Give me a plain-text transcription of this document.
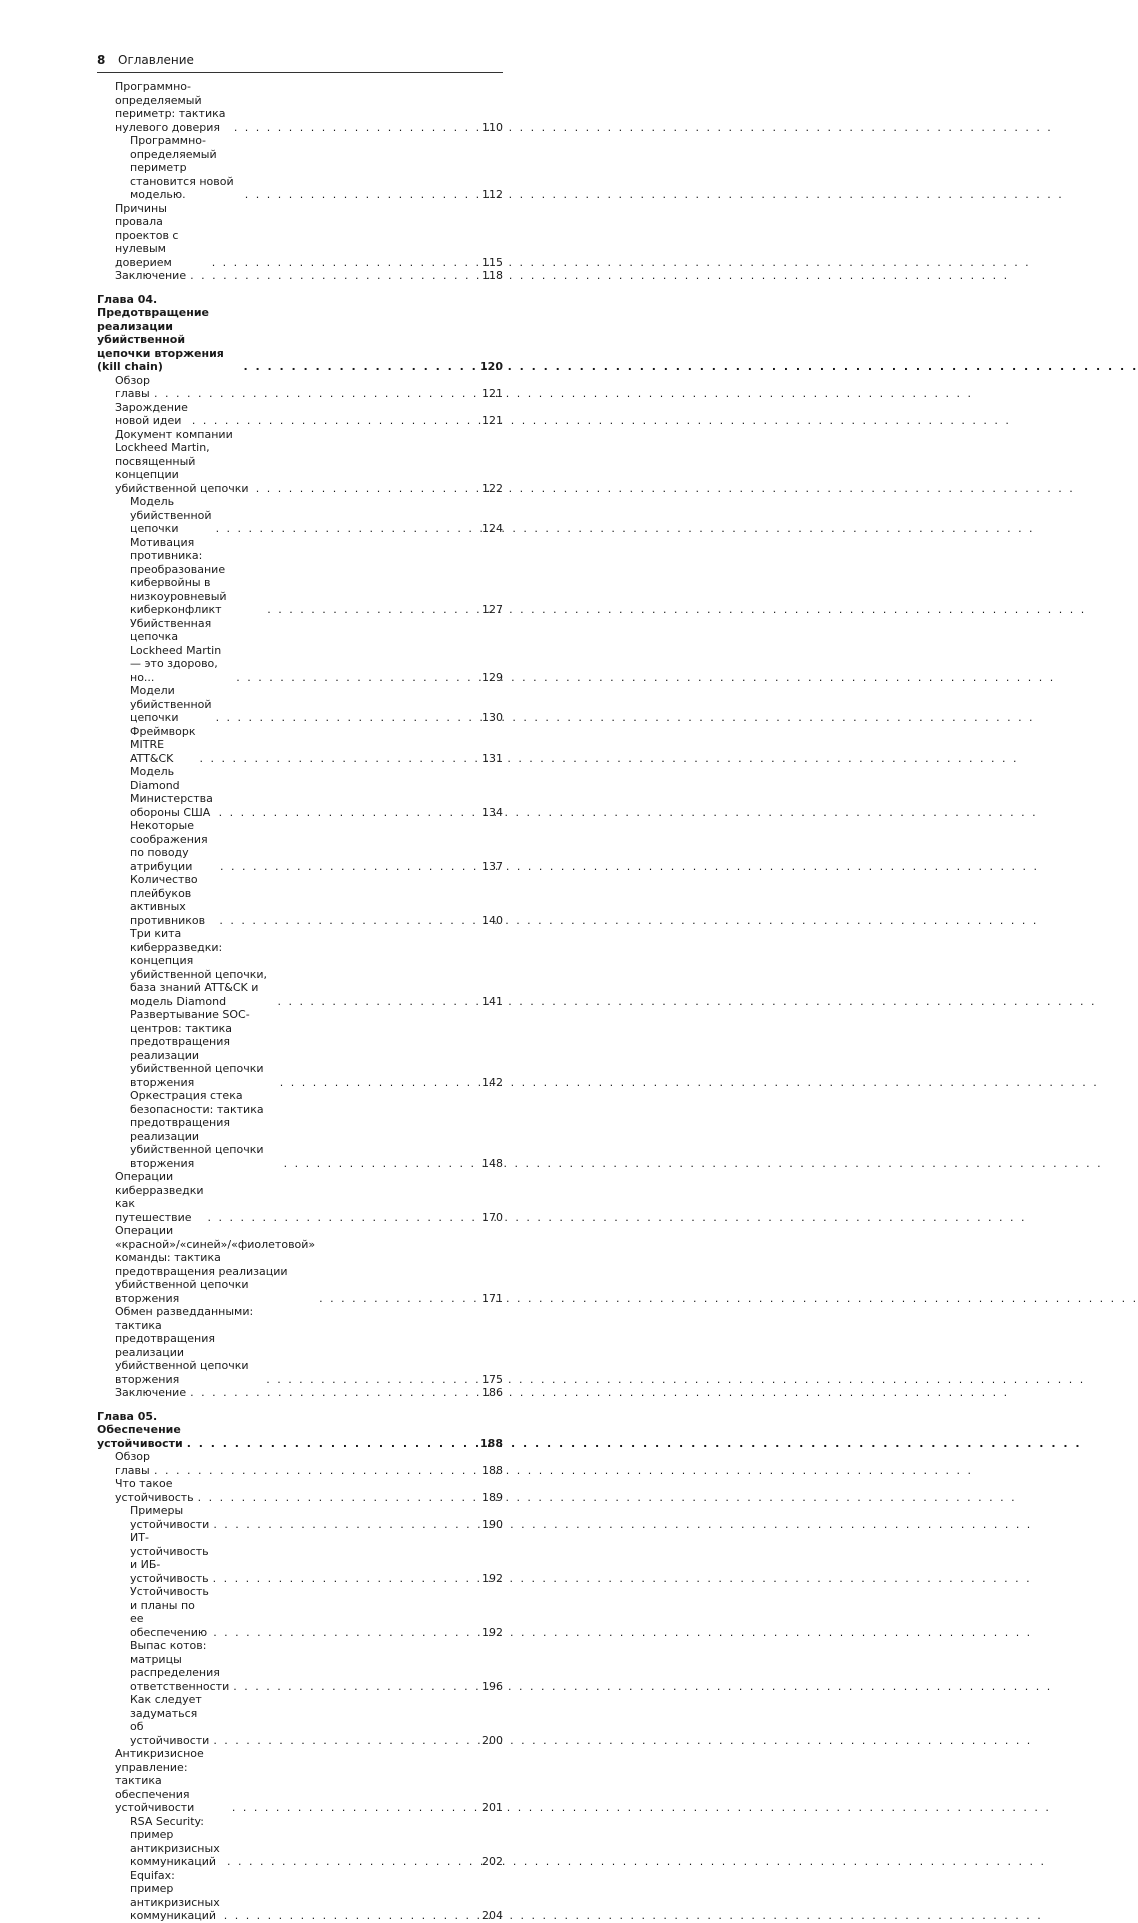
8 Оглавление
Программно-определяемый периметр: тактика нулевого доверия . . .	110
Программно-определяемый периметр становится новой моделью. . . .	112
Причины провала проектов с нулевым доверием . . .	115
Заключение . . .	118
Глава 04. Предотвращение реализации убийственной цепочки вторжения (kill chain) . . .	120
Обзор главы . . .	121
Зарождение новой идеи . . .	121
Документ компании Lockheed Martin, посвященный концепции убийственной цепочки . . .	122
Модель убийственной цепочки . . .	124
Мотивация противника: преобразование кибервойны в низкоуровневый киберконфликт . . .	127
Убийственная цепочка Lockheed Martin — это здорово, но... . . .	129
Модели убийственной цепочки . . .	130
Фреймворк MITRE ATT&CK . . .	131
Модель Diamond Министерства обороны США . . .	134
Некоторые соображения по поводу атрибуции . . .	137
Количество плейбуков активных противников . . .	140
Три кита киберразведки: концепция убийственной цепочки, база знаний ATT&CK и модель Diamond . . .	141
Развертывание SOC-центров: тактика предотвращения реализации убийственной цепочки вторжения . . .	142
Оркестрация стека безопасности: тактика предотвращения реализации убийственной цепочки вторжения . . .	148
Операции киберразведки как путешествие . . .	170
Операции «красной»/«синей»/«фиолетовой» команды: тактика предотвращения реализации убийственной цепочки вторжения . . .	171
Обмен разведданными: тактика предотвращения реализации убийственной цепочки вторжения . . .	175
Заключение . . .	186
Глава 05. Обеспечение устойчивости . . .	188
Обзор главы . . .	188
Что такое устойчивость . . .	189
Примеры устойчивости . . .	190
ИТ-устойчивость и ИБ-устойчивость . . .	192
Устойчивость и планы по ее обеспечению . . .	192
Выпас котов: матрицы распределения ответственности . . .	196
Как следует задуматься об устойчивости . . .	200
Антикризисное управление: тактика обеспечения устойчивости . . .	201
RSA Security: пример антикризисных коммуникаций . . .	202
Equifax: пример антикризисных коммуникаций . . .	204
